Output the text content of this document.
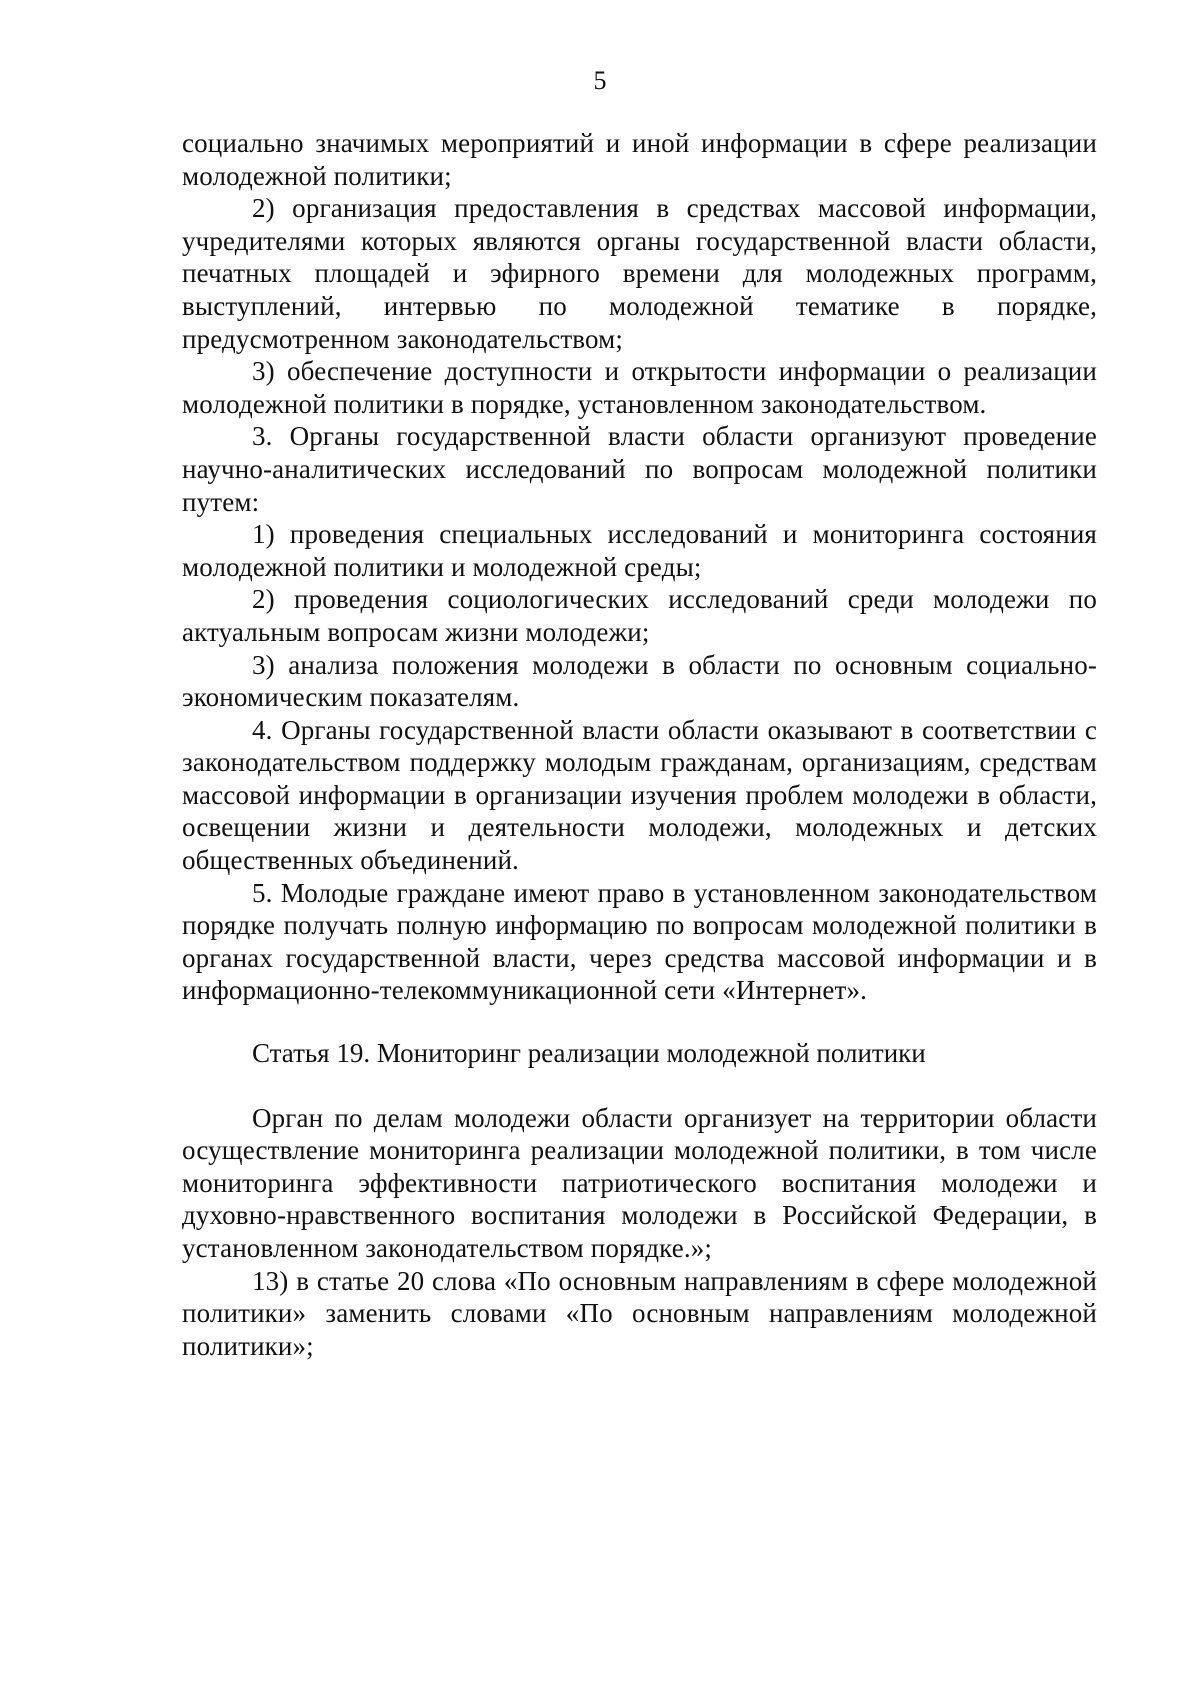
5

социально значимых мероприятий и иной информации в сфере реализации молодежной политики;

2) организация предоставления в средствах массовой информации, учредителями которых являются органы государственной власти области, печатных площадей и эфирного времени для молодежных программ, выступлений, интервью по молодежной тематике в порядке, предусмотренном законодательством;

3) обеспечение доступности и открытости информации о реализации молодежной политики в порядке, установленном законодательством.

3. Органы государственной власти области организуют проведение научно-аналитических исследований по вопросам молодежной политики путем:

1) проведения специальных исследований и мониторинга состояния молодежной политики и молодежной среды;

2) проведения социологических исследований среди молодежи по актуальным вопросам жизни молодежи;

3) анализа положения молодежи в области по основным социально-экономическим показателям.

4. Органы государственной власти области оказывают в соответствии с законодательством поддержку молодым гражданам, организациям, средствам массовой информации в организации изучения проблем молодежи в области, освещении жизни и деятельности молодежи, молодежных и детских общественных объединений.

5. Молодые граждане имеют право в установленном законодательством порядке получать полную информацию по вопросам молодежной политики в органах государственной власти, через средства массовой информации и в информационно-телекоммуникационной сети «Интернет».

Статья 19. Мониторинг реализации молодежной политики

Орган по делам молодежи области организует на территории области осуществление мониторинга реализации молодежной политики, в том числе мониторинга эффективности патриотического воспитания молодежи и духовно-нравственного воспитания молодежи в Российской Федерации, в установленном законодательством порядке.»;

13) в статье 20 слова «По основным направлениям в сфере молодежной политики» заменить словами «По основным направлениям молодежной политики»;
